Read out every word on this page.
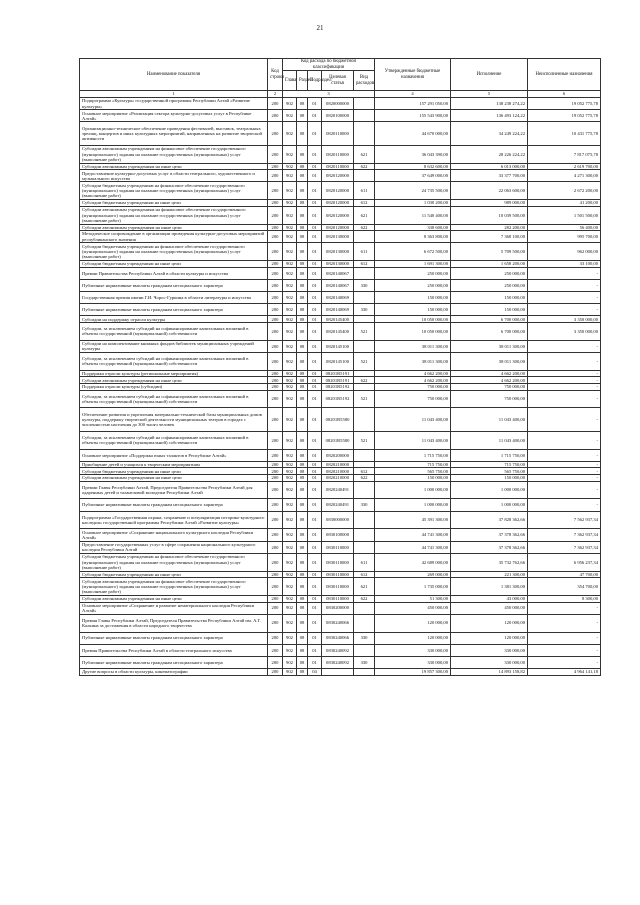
21
Наименование показателя	Код строки	Код расхода по бюджетной классификации					Утвержденные бюджетные назначения	Исполнение	Неисполненные назначения
		Глава	Раздел	Подраздел	Целевая статья	Вид расходов			
1	2	3					4	5	6
Подпрограмма «Культура» государственной программы Республики Алтай «Развитие культуры»	200	902	08	01	0820000000		157 291 050,00	138 238 274,22	19 052 775,78
Основное мероприятие «Реализация сектора культурно-досуговых услуг в Республике Алтай»	200	902	08	01	0820100000		155 543 900,00	136 493 124,22	19 052 775,78
Организационно-техническое обеспечение проведения фестивалей, выставок, театральных зрелищ, концертов и иных культурных мероприятий, направленных на развитие творческой активности	200	902	08	01	0820110000		44 670 000,00	34 249 224,22	10 431 775,78
Субсидии автономным учреждениям на финансовое обеспечение государственного (муниципального) задания на оказание государственных (муниципальных) услуг (выполнение работ)	200	902	08	01	0820110000	621	36 043 390,00	28 226 224,22	7 817 075,78
Субсидии автономным учреждениям на иные цели	200	902	08	01	0820110000	622	8 632 600,00	6 013 000,00	2 619 700,00
Предоставление культурно-досуговых услуг в области театрального, художественного и музыкального искусства	200	902	08	01	0820120000		37 649 000,00	33 377 700,00	4 271 300,00
Субсидии бюджетным учреждениям на финансовое обеспечение государственного (муниципального) задания на оказание государственных (муниципальных) услуг (выполнение работ)	200	902	08	01	0820120000	611	24 735 500,00	22 063 600,00	2 672 200,00
Субсидии бюджетным учреждениям на иные цели	200	902	08	01	0820120000	612	1 030 200,00	989 000,00	41 200,00
Субсидии автономным учреждениям на финансовое обеспечение государственного (муниципального) задания на оказание государственных (муниципальных) услуг (выполнение работ)	200	902	08	01	0820120000	621	11 540 400,00	10 039 500,00	1 501 500,00
Субсидии автономным учреждениям на иные цели	200	902	08	01	0820120000	622	338 600,00	282 200,00	56 400,00
Методическое сопровождение в организации проведения культурно-досуговых мероприятий республиканского значения	200	902	08	01	0820130000		8 363 800,00	7 368 100,00	995 700,00
Субсидии бюджетным учреждениям на финансовое обеспечение государственного (муниципального) задания на оказание государственных (муниципальных) услуг (выполнение работ)	200	902	08	01	0820130000	611	6 672 500,00	5 709 500,00	962 000,00
Субсидии бюджетным учреждениям на иные цели	200	902	08	01	0820130000	612	1 691 300,00	1 658 200,00	33 100,00
Премии Правительства Республики Алтай в области культуры и искусства	200	902	08	01	0820140067		250 000,00	250 000,00	-
Публичные нормативные выплаты гражданам несоциального характера	200	902	08	01	0820140067	330	250 000,00	250 000,00	-
Государственная премия имени Г.И. Чорос-Гуркина в области литературы и искусства	200	902	08	01	0820140069		150 000,00	150 000,00	-
Публичные нормативные выплаты гражданам несоциального характера	200	902	08	01	0820140069	330	150 000,00	150 000,00	-
Субсидии на поддержку отрасли культуры	200	902	08	01	0820145400		10 050 000,00	6 700 000,00	3 350 000,00
Субсидии, за исключением субсидий на софинансирование капитальных вложений в объекты государственной (муниципальной) собственности	200	902	08	01	0820145400	521	10 050 000,00	6 700 000,00	3 350 000,00
Субсидии на комплектование книжных фондов библиотек муниципальных учреждений культуры	200	902	08	01	0820145100		38 011 300,00	38 011 300,00	-
Субсидии, за исключением субсидий на софинансирование капитальных вложений в объекты государственной (муниципальной) собственности	200	902	08	01	0820145100	521	38 011 300,00	38 011 300,00	-
Поддержка отрасли культуры (региональные мероприятия)	200	902	08	01	08201R5191		4 662 200,00	4 662 200,00	-
Субсидии автономным учреждениям на иные цели	200	902	08	01	08201R5191	622	4 662 200,00	4 662 200,00	-
Поддержка отрасли культуры (субсидии)	200	902	08	01	08201R5192		750 000,00	750 000,00	-
Субсидии, за исключением субсидий на софинансирование капитальных вложений в объекты государственной (муниципальной) собственности	200	902	08	01	08201R5192	521	750 000,00	750 000,00	-
Обеспечение развития и укрепления материально-технической базы муниципальных домов культуры, поддержку творческой деятельности муниципальных театров в городах с численностью населения до 300 тысяч человек	200	902	08	01	08201R5580		11 043 400,00	11 043 400,00	-
Субсидии, за исключением субсидий на софинансирование капитальных вложений в объекты государственной (муниципальной) собственности	200	902	08	01	08201R5580	521	11 043 400,00	11 043 400,00	-
Основное мероприятие «Поддержка юных талантов в Республике Алтай»	200	902	08	01	0820200000		1 715 750,00	1 715 750,00	-
Приобщение детей и учащихся к творческим мероприятиям	200	902	08	01	0820210000		715 750,00	715 750,00	-
Субсидии бюджетным учреждениям на иные цели	200	902	08	01	0820210000	612	565 750,00	565 750,00	-
Субсидии автономным учреждениям на иные цели	200	902	08	01	0820210000	622	150 000,00	150 000,00	-
Премии Главы Республики Алтай, Председателя Правительства Республики Алтай для одаренных детей и талантливой молодежи Республики Алтай	200	902	08	01	0820240491		1 000 000,00	1 000 000,00	-
Публичные нормативные выплаты гражданам несоциального характера	200	902	08	01	0820240491	330	1 000 000,00	1 000 000,00	-
Подпрограмма «Государственная охрана, сохранение и популяризация историко-культурного наследия» государственной программы Республики Алтай «Развитие культуры»	200	902	08	01	0830000000		45 391 300,00	37 828 362,66	7 562 937,34
Основное мероприятие «Сохранение национального культурного наследия Республики Алтай»	200	902	08	01	0830100000		44 741 300,00	37 378 362,66	7 362 937,34
Предоставление государственных услуг в сфере сохранения национального культурного наследия Республики Алтай	200	902	08	01	0830110000		44 741 300,00	37 378 362,66	7 362 937,34
Субсидии бюджетным учреждениям на финансовое обеспечение государственного (муниципального) задания на оказание государственных (муниципальных) услуг (выполнение работ)	200	902	08	01	0830110000	611	42 689 000,00	35 732 762,66	6 956 237,34
Субсидии бюджетным учреждениям на иные цели	200	902	08	01	0830110000	612	269 000,00	221 300,00	47 700,00
Субсидии автономным учреждениям на финансовое обеспечение государственного (муниципального) задания на оказание государственных (муниципальных) услуг (выполнение работ)	200	902	08	01	0830110000	621	1 735 000,00	1 381 300,00	354 700,00
Субсидии автономным учреждениям на иные цели	200	902	08	01	0830110000	622	51 300,00	43 000,00	8 300,00
Основное мероприятие «Сохранение и развитие нематериального наследия Республики Алтай»	200	902	08	01	0830200000		450 000,00	450 000,00	-
Премия Главы Республики Алтай, Председателя Правительства Республики Алтай им. А.Г. Калкина за достижения в области народного творчества	200	902	08	01	0830240066		120 000,00	120 000,00	-
Публичные нормативные выплаты гражданам несоциального характера	200	902	08	01	0830240066	330	120 000,00	120 000,00	-
Премия Правительства Республики Алтай в области театрального искусства	200	902	08	01	0830240092		330 000,00	330 000,00	-
Публичные нормативные выплаты гражданам несоциального характера	200	902	08	01	0830240092	330	330 000,00	330 000,00	-
Другие вопросы в области культуры, кинематографии	200	902	08	04			19 857 300,00	14 893 158,82	4 964 141,18
